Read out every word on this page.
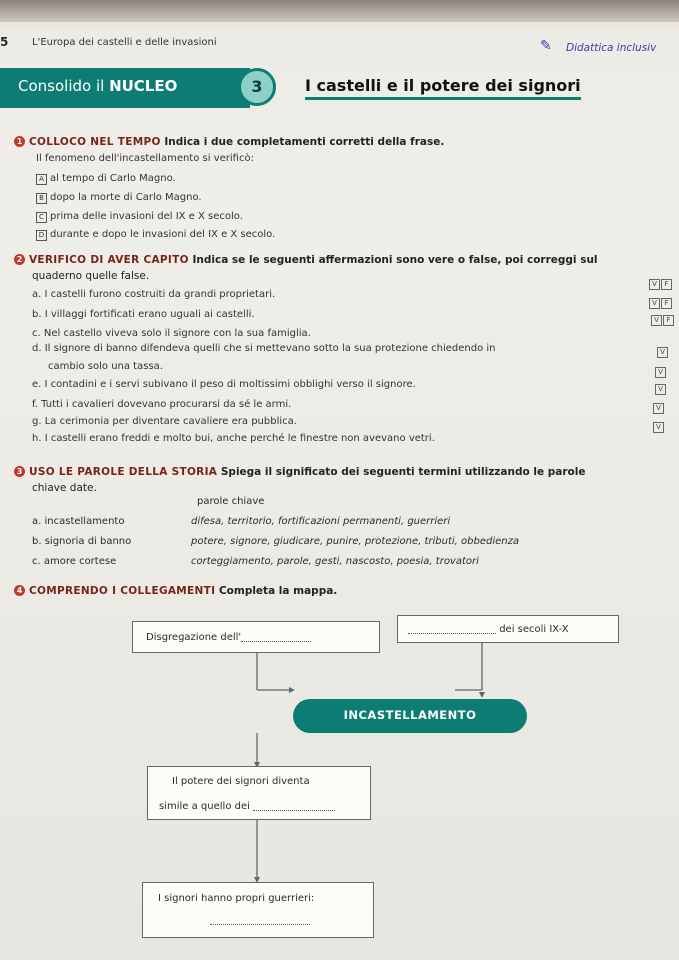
5 L'Europa dei castelli e delle invasioni	✎ Didattica inclusiv
Consolido il NUCLEO	3	I castelli e il potere dei signori
1 COLLOCO NEL TEMPO Indica i due completamenti corretti della frase.
Il fenomeno dell'incastellamento si verificò:
A al tempo di Carlo Magno.
B dopo la morte di Carlo Magno.
C prima delle invasioni del IX e X secolo.
D durante e dopo le invasioni del IX e X secolo.
2 VERIFICO DI AVER CAPITO Indica se le seguenti affermazioni sono vere o false, poi correggi sul
quaderno quelle false.
a. I castelli furono costruiti da grandi proprietari.
V F
b. I villaggi fortificati erano uguali ai castelli.
V F
c. Nel castello viveva solo il signore con la sua famiglia.
V F
d. Il signore di banno difendeva quelli che si mettevano sotto la sua protezione chiedendo in
cambio solo una tassa.
V
e. I contadini e i servi subivano il peso di moltissimi obblighi verso il signore.
V
f. Tutti i cavalieri dovevano procurarsi da sé le armi.
V
g. La cerimonia per diventare cavaliere era pubblica.
V
h. I castelli erano freddi e molto bui, anche perché le finestre non avevano vetri.
V
3 USO LE PAROLE DELLA STORIA Spiega il significato dei seguenti termini utilizzando le parole
chiave date.
parole chiave
a. incastellamento	difesa, territorio, fortificazioni permanenti, guerrieri
b. signoria di banno	potere, signore, giudicare, punire, protezione, tributi, obbedienza
c. amore cortese	corteggiamento, parole, gesti, nascosto, poesia, trovatori
4 COMPRENDO I COLLEGAMENTI Completa la mappa.
Disgregazione dell'
dei secoli IX-X
INCASTELLAMENTO
Il potere dei signori diventa
simile a quello dei
I signori hanno propri guerrieri:
